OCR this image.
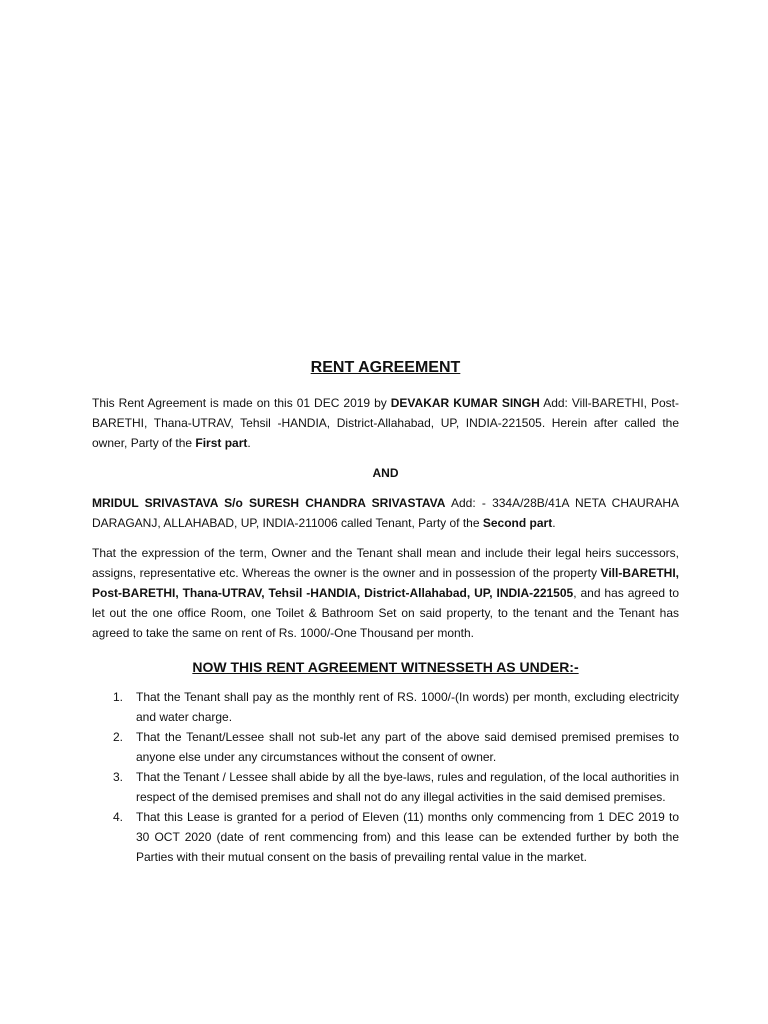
RENT AGREEMENT

This Rent Agreement is made on this 01 DEC 2019 by DEVAKAR KUMAR SINGH Add: Vill-BARETHI, Post-BARETHI, Thana-UTRAV, Tehsil -HANDIA, District-Allahabad, UP, INDIA-221505. Herein after called the owner, Party of the First part.

AND

MRIDUL SRIVASTAVA S/o SURESH CHANDRA SRIVASTAVA Add: - 334A/28B/41A NETA CHAURAHA DARAGANJ, ALLAHABAD, UP, INDIA-211006 called Tenant, Party of the Second part.

That the expression of the term, Owner and the Tenant shall mean and include their legal heirs successors, assigns, representative etc. Whereas the owner is the owner and in possession of the property Vill-BARETHI, Post-BARETHI, Thana-UTRAV, Tehsil -HANDIA, District-Allahabad, UP, INDIA-221505, and has agreed to let out the one office Room, one Toilet & Bathroom Set on said property, to the tenant and the Tenant has agreed to take the same on rent of Rs. 1000/-One Thousand per month.

NOW THIS RENT AGREEMENT WITNESSETH AS UNDER:-
1.	That the Tenant shall pay as the monthly rent of RS. 1000/-(In words) per month, excluding electricity and water charge.
2.	That the Tenant/Lessee shall not sub-let any part of the above said demised premised premises to anyone else under any circumstances without the consent of owner.
3.	That the Tenant / Lessee shall abide by all the bye-laws, rules and regulation, of the local authorities in respect of the demised premises and shall not do any illegal activities in the said demised premises.
4.	That this Lease is granted for a period of Eleven (11) months only commencing from 1 DEC 2019 to 30 OCT 2020 (date of rent commencing from) and this lease can be extended further by both the Parties with their mutual consent on the basis of prevailing rental value in the market.
